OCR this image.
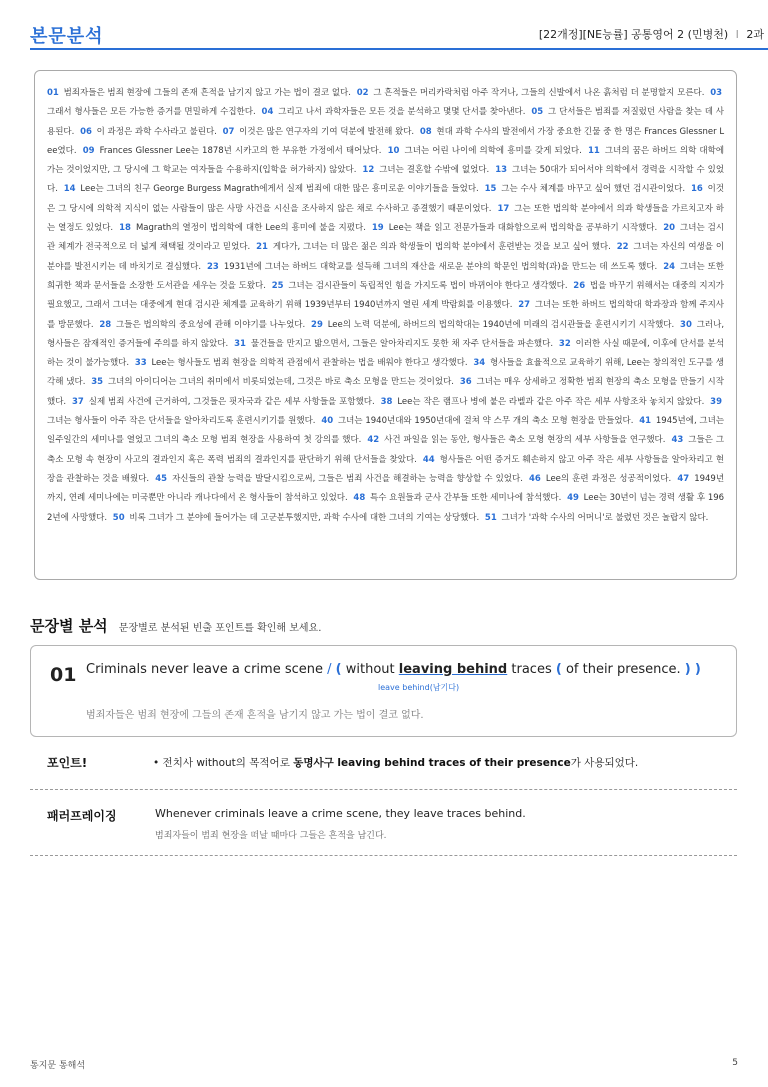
본문분석	[22개정][NE능률] 공통영어 2 (민병천) I 2과
01 범죄자들은 범죄 현장에 그들의 존재 흔적을 남기지 않고 가는 법이 결코 없다. 02 그 흔적들은 머리카락처럼 아주 작거나, 그들의 신발에서 나온 흙처럼 더 분명할지 모른다. 03 그래서 형사들은 모든 가능한 증거를 면밀하게 수집한다. 04 그리고 나서 과학자들은 모든 것을 분석하고 몇몇 단서를 찾아낸다. 05 그 단서들은 범죄를 저질렀던 사람을 찾는 데 사용된다. 06 이 과정은 과학 수사라고 불린다. 07 이것은 많은 연구자의 기여 덕분에 발전해 왔다. 08 현대 과학 수사의 발전에서 가장 중요한 긴물 중 한 명은 Frances Glessner Lee였다. 09 Frances Glessner Lee는 1878년 시카고의 한 부유한 가정에서 태어났다. 10 그녀는 어린 나이에 의학에 흥미를 갖게 되었다. 11 그녀의 꿈은 하버드 의학 대학에 가는 것이었지만, 그 당시에 그 학교는 여자들을 수용하지(입학을 허가하지) 않았다. 12 그녀는 결혼할 수밖에 없었다. 13 그녀는 50대가 되어서야 의학에서 경력을 시작할 수 있었다. 14 Lee는 그녀의 친구 George Burgess Magrath에게서 실제 범죄에 대한 많은 흥미로운 이야기들을 들었다. 15 그는 수사 체계를 바꾸고 싶어 했던 검시관이었다. 16 이것은 그 당시에 의학적 지식이 없는 사람들이 많은 사망 사건을 시신을 조사하지 않은 채로 수사하고 종결했기 때문이었다. 17 그는 또한 법의학 분야에서 의과 학생들을 가르치고자 하는 열정도 있었다. 18 Magrath의 열정이 법의학에 대한 Lee의 흥미에 불을 지폈다. 19 Lee는 책을 읽고 전문가들과 대화함으로써 법의학을 공부하기 시작했다. 20 그녀는 검시관 체계가 전국적으로 더 넓게 채택될 것이라고 믿었다. 21 게다가, 그녀는 더 많은 젊은 의과 학생들이 법의학 분야에서 훈련받는 것을 보고 싶어 했다. 22 그녀는 자신의 여생을 이 분야를 발전시키는 데 바치기로 결심했다. 23 1931년에 그녀는 하버드 대학교를 설득해 그녀의 재산을 새로운 분야의 학문인 법의학(과)을 만드는 데 쓰도록 했다. 24 그녀는 또한 희귀한 책과 문서들을 소장한 도서관을 세우는 것을 도왔다. 25 그녀는 검시관들이 독립적인 힘을 가지도록 법이 바뀌어야 한다고 생각했다. 26 법을 바꾸기 위해서는 대중의 지지가 필요했고, 그래서 그녀는 대중에게 현대 검시관 체계를 교육하기 위해 1939년부터 1940년까지 열린 세계 박람회를 이용했다. 27 그녀는 또한 하버드 법의학대 학과장과 함께 주지사를 방문했다. 28 그들은 법의학의 중요성에 관해 이야기를 나누었다. 29 Lee의 노력 덕분에, 하버드의 법의학대는 1940년에 미래의 검시관들을 훈련시키기 시작했다. 30 그러나, 형사들은 잠재적인 증거들에 주의를 하지 않았다. 31 물건들을 만지고 밟으면서, 그들은 알아차리지도 못한 채 자주 단서들을 파손했다. 32 이러한 사실 때문에, 이후에 단서를 분석하는 것이 불가능했다. 33 Lee는 형사들도 범죄 현장을 의학적 관점에서 관찰하는 법을 배워야 한다고 생각했다. 34 형사들을 효율적으로 교육하기 위해, Lee는 창의적인 도구를 생각해 냈다. 35 그녀의 아이디어는 그녀의 취미에서 비롯되었는데, 그것은 바로 축소 모형을 만드는 것이었다. 36 그녀는 매우 상세하고 정확한 범죄 현장의 축소 모형을 만들기 시작했다. 37 실제 범죄 사건에 근거하여, 그것들은 핏자국과 같은 세부 사항들을 포함했다. 38 Lee는 작은 램프나 병에 붙은 라벨과 같은 아주 작은 세부 사항조차 놓치지 않았다. 39 그녀는 형사들이 아주 작은 단서들을 알아차리도록 훈련시키기를 원했다. 40 그녀는 1940년대와 1950년대에 걸쳐 약 스무 개의 축소 모형 현장을 만들었다. 41 1945년에, 그녀는 일주일간의 세미나를 열었고 그녀의 축소 모형 범죄 현장을 사용하여 첫 강의를 했다. 42 사건 파일을 읽는 동안, 형사들은 축소 모형 현장의 세부 사항들을 연구했다. 43 그들은 그 축소 모형 속 현장이 사고의 결과인지 혹은 폭력 범죄의 결과인지를 판단하기 위해 단서들을 찾았다. 44 형사들은 어떤 증거도 훼손하지 않고 아주 작은 세부 사항들을 알아차리고 현장을 관찰하는 것을 배웠다. 45 자신들의 관찰 능력을 발달시킴으로써, 그들은 범죄 사건을 해결하는 능력을 향상할 수 있었다. 46 Lee의 훈련 과정은 성공적이었다. 47 1949년까지, 연례 세미나에는 미국뿐만 아니라 캐나다에서 온 형사들이 참석하고 있었다. 48 특수 요원들과 군사 간부들 또한 세미나에 참석했다. 49 Lee는 30년이 넘는 경력 생활 후 1962년에 사망했다. 50 비록 그녀가 그 분야에 들어가는 데 고군분투했지만, 과학 수사에 대한 그녀의 기여는 상당했다. 51 그녀가 '과학 수사의 어머니'로 불렸던 것은 놀랍지 않다.
문장별 분석 문장별로 분석된 빈출 포인트를 확인해 보세요.
01 Criminals never leave a crime scene / ( without leaving behind traces ( of their presence. ) )
leave behind(남기다)
범죄자들은 범죄 현장에 그들의 존재 흔적을 남기지 않고 가는 법이 결코 없다.
포인트!	• 전치사 without의 목적어로 동명사구 leaving behind traces of their presence가 사용되었다.
패러프레이징	Whenever criminals leave a crime scene, they leave traces behind.
범죄자들이 범죄 현장을 떠날 때마다 그들은 흔적을 남긴다.
통지문 통해석	5
